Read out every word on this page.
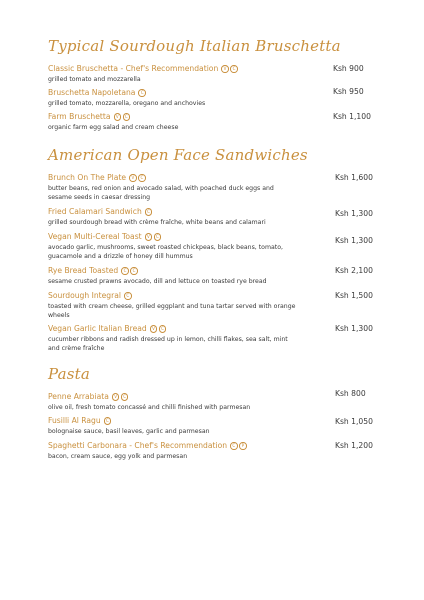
Typical Sourdough Italian Bruschetta
Classic Bruschetta - Chef's Recommendation V C
grilled tomato and mozzarella
Ksh 900
Bruschetta Napoletana C
grilled tomato, mozzarella, oregano and anchovies
Ksh 950
Farm Bruschetta V C
organic farm egg salad and cream cheese
Ksh 1,100
American Open Face Sandwiches
Brunch On The Plate V C
butter beans, red onion and avocado salad, with poached duck eggs and sesame seeds in caesar dressing
Ksh 1,600
Fried Calamari Sandwich C
grilled sourdough bread with crème fraîche, white beans and calamari
Ksh 1,300
Vegan Multi-Cereal Toast V C
avocado garlic, mushrooms, sweet roasted chickpeas, black beans, tomato, guacamole and a drizzle of honey dill hummus
Ksh 1,300
Rye Bread Toasted C C
sesame crusted prawns avocado, dill and lettuce on toasted rye bread
Ksh 2,100
Sourdough Integral C
toasted with cream cheese, grilled eggplant and tuna tartar served with orange wheels
Ksh 1,500
Vegan Garlic Italian Bread V C
cucumber ribbons and radish dressed up in lemon, chilli flakes, sea salt, mint and crème fraîche
Ksh 1,300
Pasta
Penne Arrabiata V C
olive oil, fresh tomato concassé and chilli finished with parmesan
Ksh 800
Fusilli Al Ragu C
bolognaise sauce, basil leaves, garlic and parmesan
Ksh 1,050
Spaghetti Carbonara - Chef's Recommendation C P
bacon, cream sauce, egg yolk and parmesan
Ksh 1,200
